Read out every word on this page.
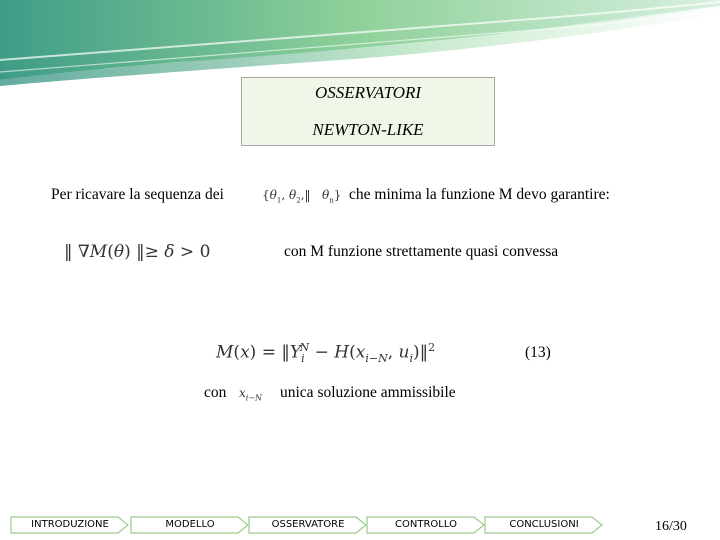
OSSERVATORI
NEWTON-LIKE
Per ricavare la sequenza dei	{$\theta_1$, $\theta_2,‖$   $\theta_n$} che minima la funzione M devo garantire:
‖ ∇M(θ) ‖≥ δ > 0	con M funzione strettamente quasi convessa
$M(x) = ‖Y_i^N - H(x_{i-N}$, $u_i)‖^2$	(13)
con $x_{i-N}$ unica soluzione ammissibile
INTRODUZIONE	MODELLO	OSSERVATORE	CONTROLLO	CONCLUSIONI	16/30
